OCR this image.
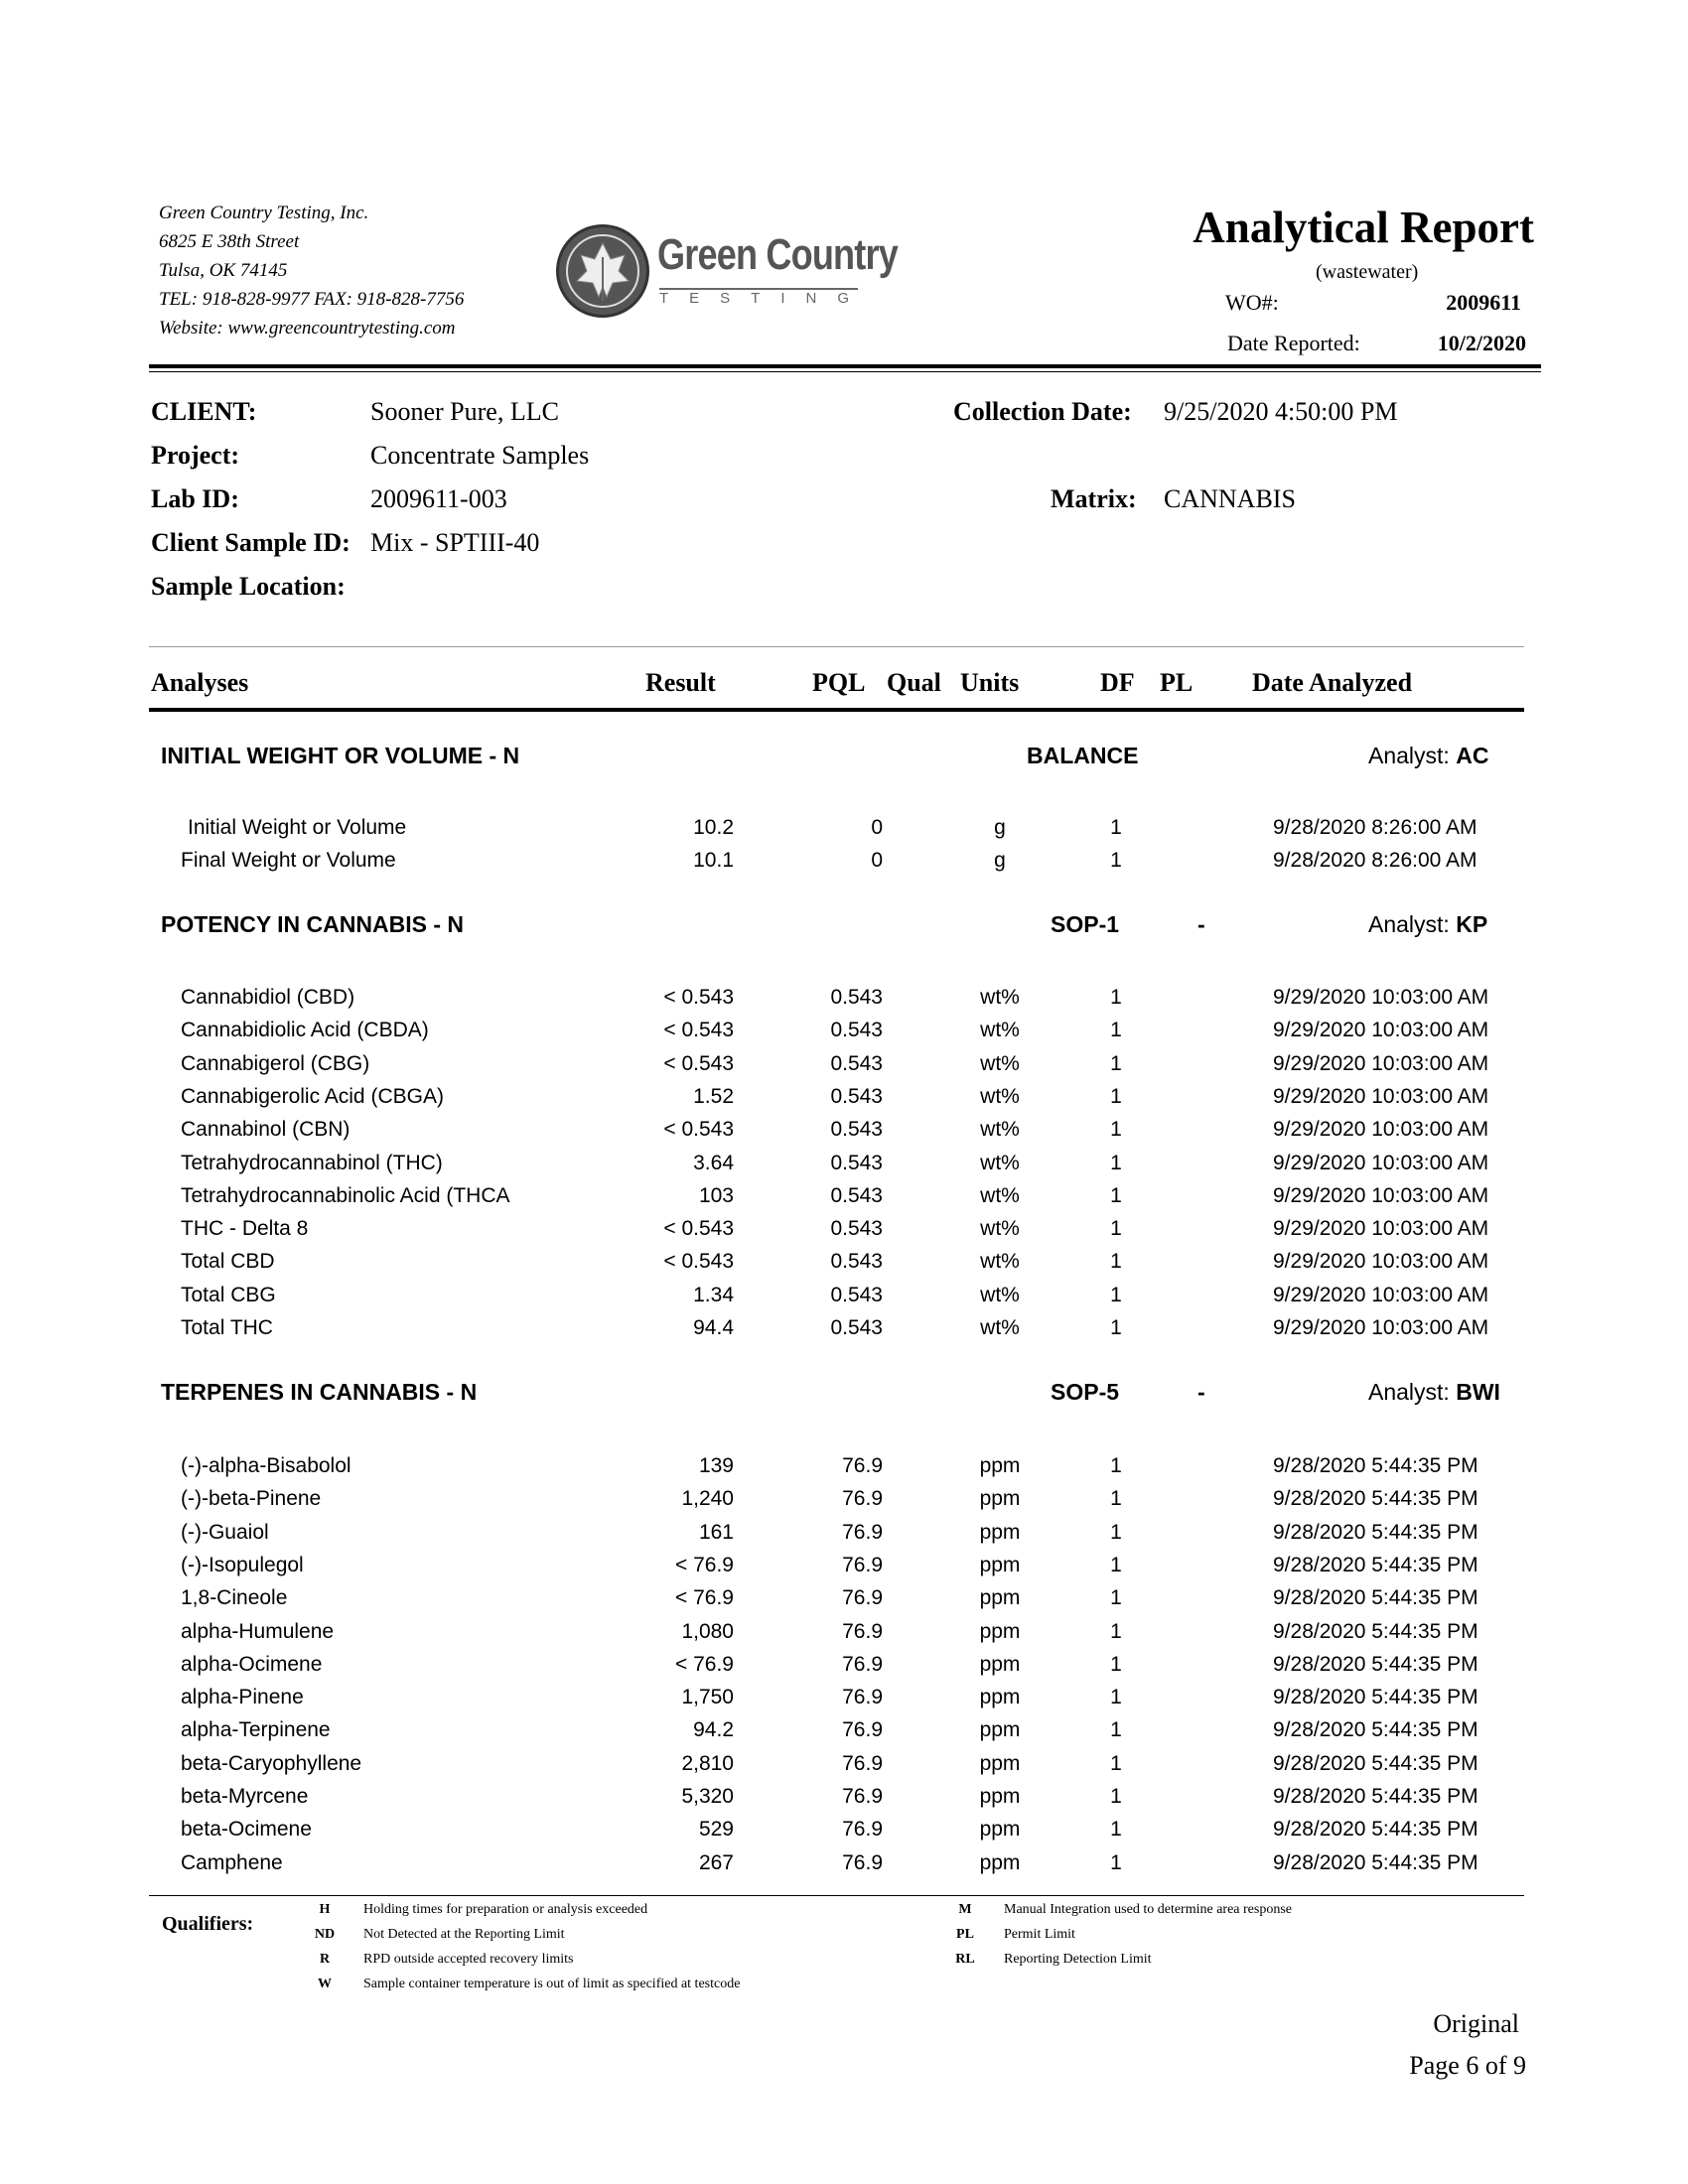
Green Country Testing, Inc.
6825 E 38th Street
Tulsa, OK 74145
TEL: 918-828-9977 FAX: 918-828-7756
Website: www.greencountrytesting.com
Green Country
TESTING
Analytical Report
(wastewater)
WO#:	2009611
Date Reported:	10/2/2020
CLIENT:	Sooner Pure, LLC
Project:	Concentrate Samples
Lab ID:	2009611-003
Client Sample ID: Mix - SPTIII-40
Sample Location:
Collection Date: 9/25/2020 4:50:00 PM
Matrix: CANNABIS
Analyses	Result	PQL Qual Units	DF PL Date Analyzed
INITIAL WEIGHT OR VOLUME - N	BALANCE	Analyst: AC
Initial Weight or Volume	10.2	0	g	1	9/28/2020 8:26:00 AM
Final Weight or Volume	10.1	0	g	1	9/28/2020 8:26:00 AM
POTENCY IN CANNABIS - N	SOP-1	-	Analyst: KP
Cannabidiol (CBD)	< 0.543	0.543	wt%	1	9/29/2020 10:03:00 AM
Cannabidiolic Acid (CBDA)	< 0.543	0.543	wt%	1	9/29/2020 10:03:00 AM
Cannabigerol (CBG)	< 0.543	0.543	wt%	1	9/29/2020 10:03:00 AM
Cannabigerolic Acid (CBGA)	1.52	0.543	wt%	1	9/29/2020 10:03:00 AM
Cannabinol (CBN)	< 0.543	0.543	wt%	1	9/29/2020 10:03:00 AM
Tetrahydrocannabinol (THC)	3.64	0.543	wt%	1	9/29/2020 10:03:00 AM
Tetrahydrocannabinolic Acid (THCA	103	0.543	wt%	1	9/29/2020 10:03:00 AM
THC - Delta 8	< 0.543	0.543	wt%	1	9/29/2020 10:03:00 AM
Total CBD	< 0.543	0.543	wt%	1	9/29/2020 10:03:00 AM
Total CBG	1.34	0.543	wt%	1	9/29/2020 10:03:00 AM
Total THC	94.4	0.543	wt%	1	9/29/2020 10:03:00 AM
TERPENES IN CANNABIS - N	SOP-5	-	Analyst: BWI
(-)-alpha-Bisabolol	139	76.9	ppm	1	9/28/2020 5:44:35 PM
(-)-beta-Pinene	1,240	76.9	ppm	1	9/28/2020 5:44:35 PM
(-)-Guaiol	161	76.9	ppm	1	9/28/2020 5:44:35 PM
(-)-Isopulegol	< 76.9	76.9	ppm	1	9/28/2020 5:44:35 PM
1,8-Cineole	< 76.9	76.9	ppm	1	9/28/2020 5:44:35 PM
alpha-Humulene	1,080	76.9	ppm	1	9/28/2020 5:44:35 PM
alpha-Ocimene	< 76.9	76.9	ppm	1	9/28/2020 5:44:35 PM
alpha-Pinene	1,750	76.9	ppm	1	9/28/2020 5:44:35 PM
alpha-Terpinene	94.2	76.9	ppm	1	9/28/2020 5:44:35 PM
beta-Caryophyllene	2,810	76.9	ppm	1	9/28/2020 5:44:35 PM
beta-Myrcene	5,320	76.9	ppm	1	9/28/2020 5:44:35 PM
beta-Ocimene	529	76.9	ppm	1	9/28/2020 5:44:35 PM
Camphene	267	76.9	ppm	1	9/28/2020 5:44:35 PM
Qualifiers:
H	Holding times for preparation or analysis exceeded
ND	Not Detected at the Reporting Limit
R	RPD outside accepted recovery limits
W	Sample container temperature is out of limit as specified at testcode
M	Manual Integration used to determine area response
PL	Permit Limit
RL	Reporting Detection Limit
Original
Page 6 of 9
